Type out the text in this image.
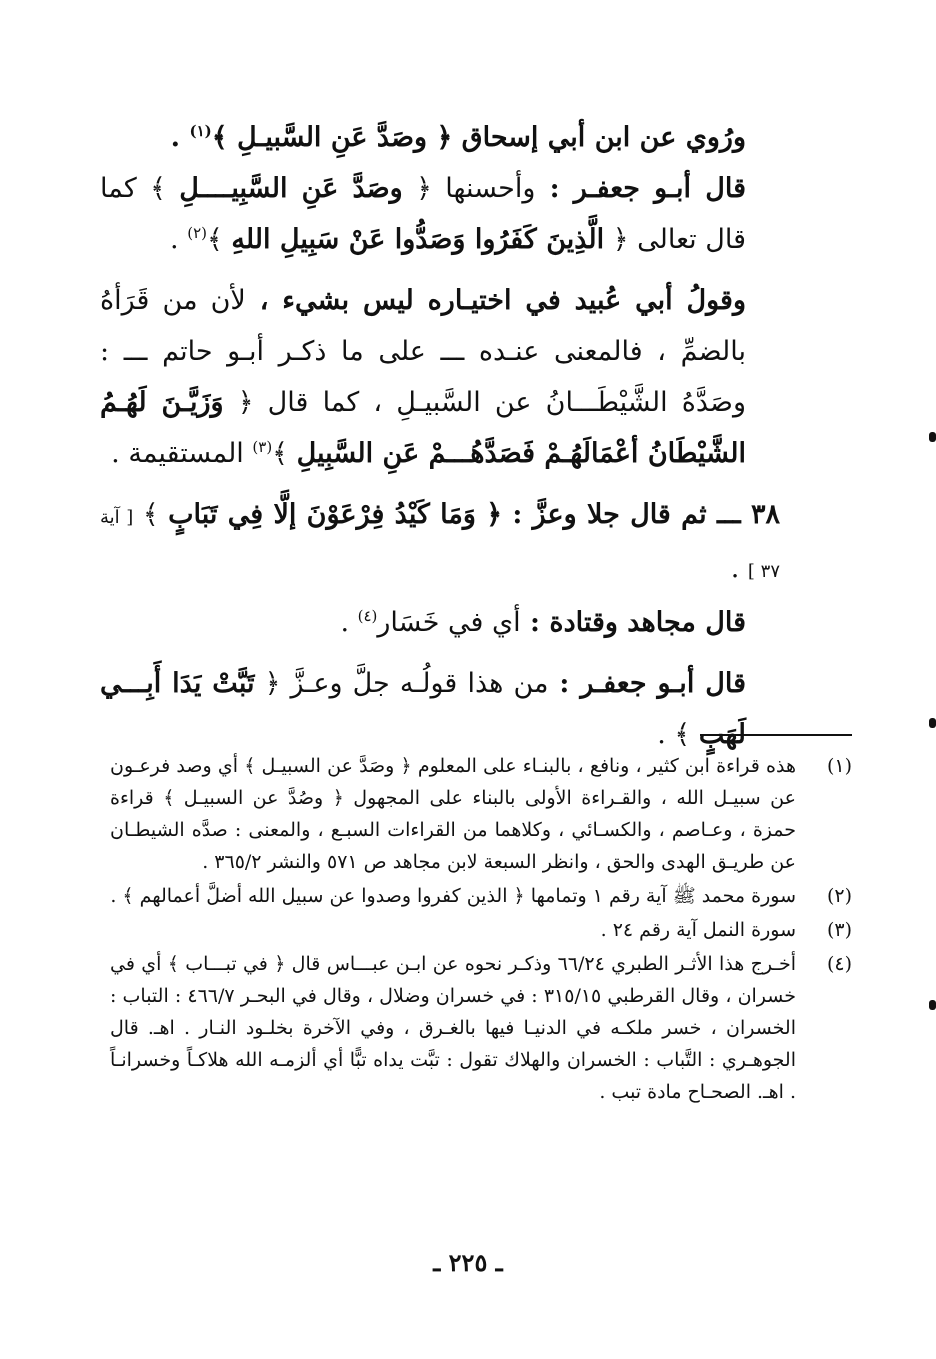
ورُوي عن ابن أبي إسحاق ﴿ وصَدَّ عَنِ السَّبيـلِ ﴾$^{(١)}$ .

قال أبـو جعفـر : وأحسنها ﴿ وصَدَّ عَنِ السَّبِيــــلِ ﴾ كما قال تعالى ﴿ الَّذِينَ كَفَرُوا وَصَدُّوا عَنْ سَبِيلِ اللهِ ﴾$^{(٢)}$ .

وقولُ أبي عُبيد في اختيـاره ليس بشيء ، لأن من قَرَأهُ بالضمِّ ، فالمعنى عنـده ـــ على ما ذكـر أبـو حاتم ـــ : وصَدَّهُ الشَّيْطَـــانُ عن السَّبيـلِ ، كما قال ﴿ وَزَيَّـنَ لَهُـمُ الشَّيْطَانُ أعْمَالَهُـمْ فَصَدَّهُـــمْ عَنِ السَّبِيلِ ﴾$^{(٣)}$ المستقيمة .

٣٨ ـــ ثم قال جلا وعزَّ : ﴿ وَمَا كَيْدُ فِرْعَوْنَ إلَّا فِي تَبَابٍ ﴾ [ آية ٣٧ ] .

قال مجاهد وقتادة : أي في خَسَار$^{(٤)}$ .

قال أبـو جعفـر : من هذا قولُـه جلَّ وعـزَّ ﴿ تَبَّتْ يَدَا أَبِـــي لَهَبٍ ﴾ .

(١)
هذه قراءة ابن كثير ، ونافع ، بالبنـاء على المعلوم ﴿ وصَدَّ عن السبيـل ﴾ أي وصد فرعـون عن سبيـل الله ، والقـراءة الأولى بالبناء على المجهول ﴿ وصُدَّ عن السبيـل ﴾ قراءة حمزة ، وعـاصم ، والكسـائي ، وكلاهما من القراءات السبـع ، والمعنى : صدَّه الشيطـان عن طريـق الهدى والحق ، وانظر السبعة لابن مجاهد ص ٥٧١ والنشر ٣٦٥/٢ .
(٢)
سورة محمد ﷺ آية رقم ١ وتمامها ﴿ الذين كفروا وصدوا عن سبيل الله أضلَّ أعمالهم ﴾ .
(٣)
سورة النمل آية رقم ٢٤ .
(٤)
أخـرج هذا الأثـر الطبري ٦٦/٢٤ وذكـر نحوه عن ابـن عبـــاس قال ﴿ في تبـــاب ﴾ أي في خسران ، وقال القرطبي ٣١٥/١٥ : في خسران وضلال ، وقال في البحـر ٤٦٦/٧ : التباب : الخسران ، خسر ملكـه في الدنيـا فيها بالغـرق ، وفي الآخرة بخلـود النـار . اهـ. قال الجوهـري : التَّباب : الخسران والهلاك تقول : تبَّت يداه تبًّا أي ألزمـه الله هلاكـاً وخسرانـاً . اهـ. الصحـاح مادة تبب .
ـ ٢٢٥ ـ
